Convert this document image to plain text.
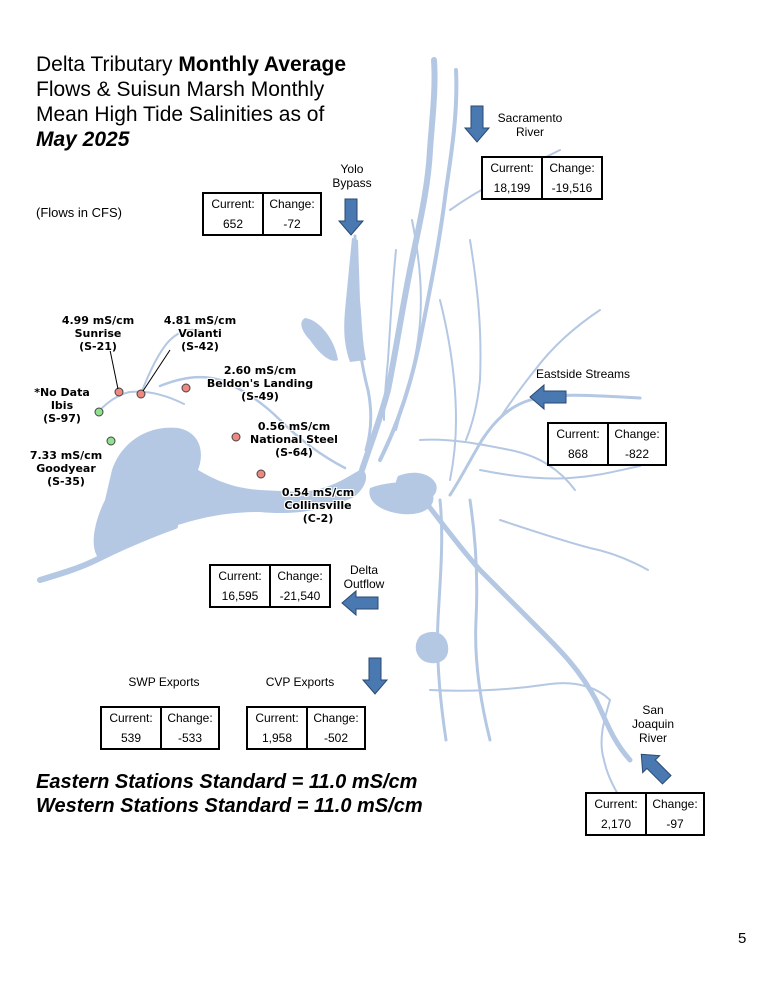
Delta Tributary Monthly Average
Flows & Suisun Marsh Monthly
Mean High Tide Salinities as of
May 2025
(Flows in CFS)
Sacramento
River
Current:
18,199
Change:
-19,516
Yolo
Bypass
Current:
652
Change:
-72
Eastside Streams
Current:
868
Change:
-822
Delta
Outflow
Current:
16,595
Change:
-21,540
SWP Exports
Current:
539
Change:
-533
CVP Exports
Current:
1,958
Change:
-502
San
Joaquin
River
Current:
2,170
Change:
-97
4.99 mS/cm
Sunrise
(S-21)
4.81 mS/cm
Volanti
(S-42)
2.60 mS/cm
Beldon's Landing
(S-49)
*No Data
Ibis
(S-97)
7.33 mS/cm
Goodyear
(S-35)
0.56 mS/cm
National Steel
(S-64)
0.54 mS/cm
Collinsville
(C-2)
Eastern Stations Standard = 11.0 mS/cm
Western Stations Standard = 11.0 mS/cm
5
